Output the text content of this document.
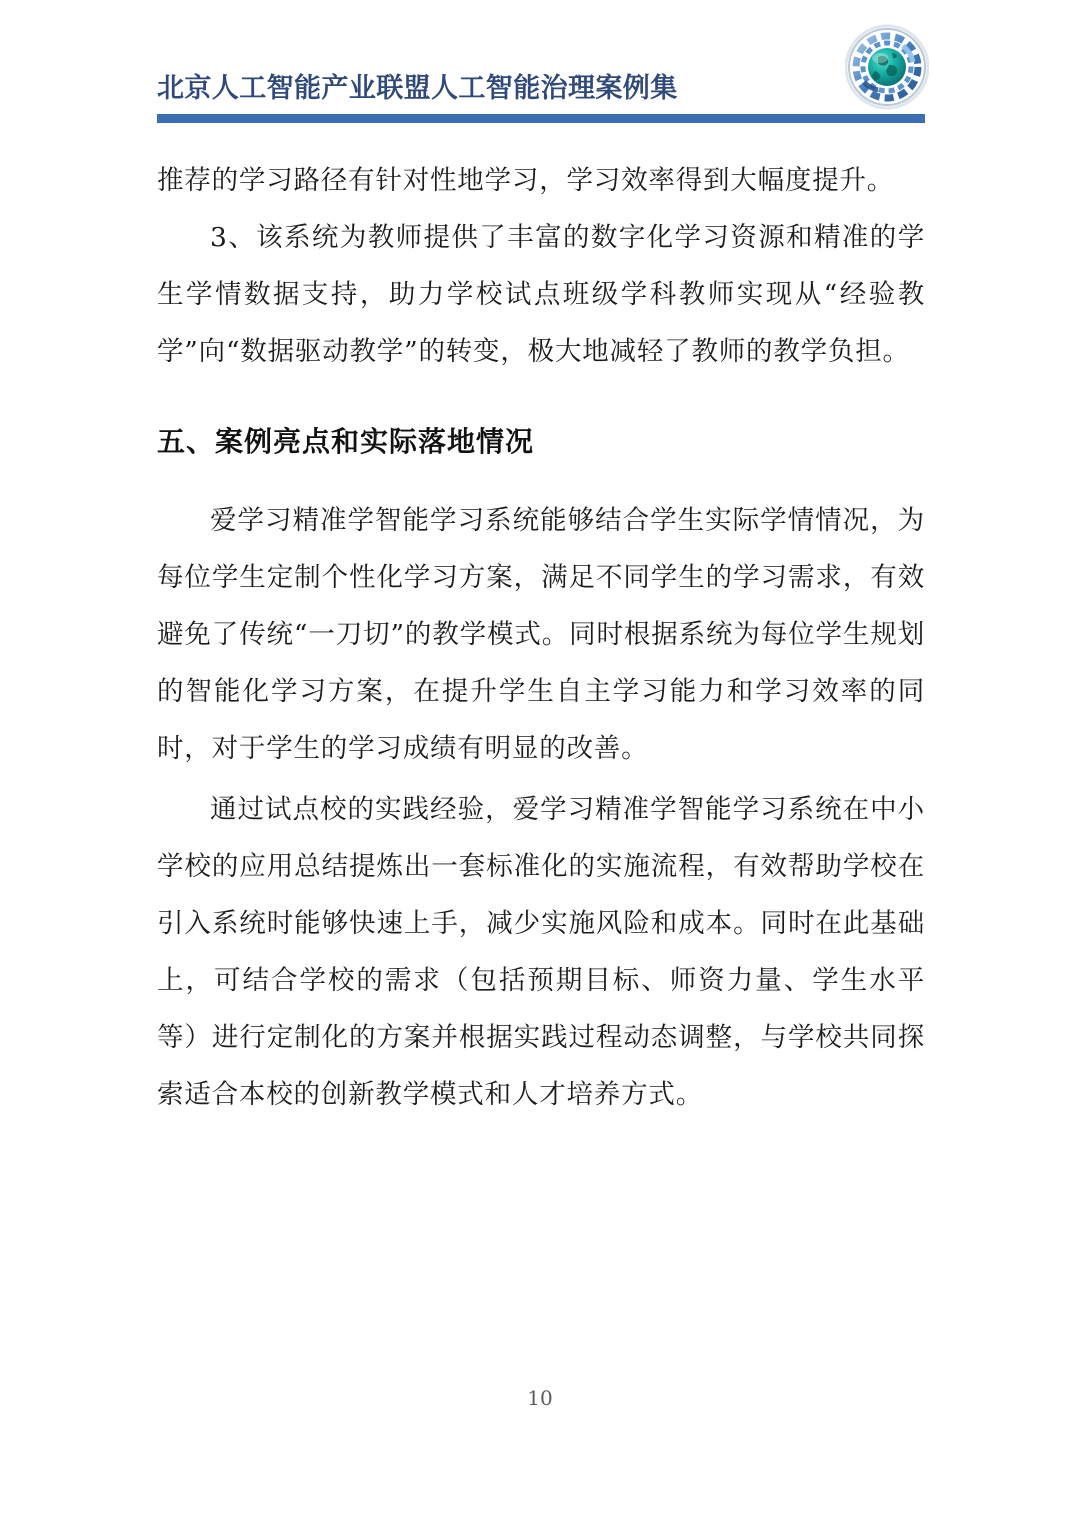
北京人工智能产业联盟人工智能治理案例集

推荐的学习路径有针对性地学习，学习效率得到大幅度提升。

3、该系统为教师提供了丰富的数字化学习资源和精准的学生学情数据支持，助力学校试点班级学科教师实现从“经验教学”向“数据驱动教学”的转变，极大地减轻了教师的教学负担。

五、案例亮点和实际落地情况

爱学习精准学智能学习系统能够结合学生实际学情情况，为每位学生定制个性化学习方案，满足不同学生的学习需求，有效避免了传统“一刀切”的教学模式。同时根据系统为每位学生规划的智能化学习方案，在提升学生自主学习能力和学习效率的同时，对于学生的学习成绩有明显的改善。

通过试点校的实践经验，爱学习精准学智能学习系统在中小学校的应用总结提炼出一套标准化的实施流程，有效帮助学校在引入系统时能够快速上手，减少实施风险和成本。同时在此基础上，可结合学校的需求（包括预期目标、师资力量、学生水平等）进行定制化的方案并根据实践过程动态调整，与学校共同探索适合本校的创新教学模式和人才培养方式。

10
